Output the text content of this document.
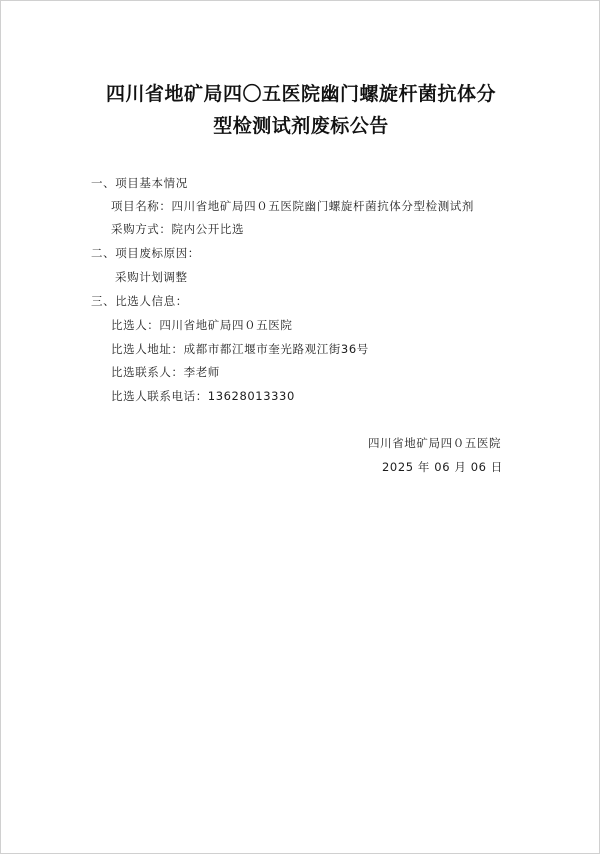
四川省地矿局四〇五医院幽门螺旋杆菌抗体分
型检测试剂废标公告
一、项目基本情况
项目名称：四川省地矿局四０五医院幽门螺旋杆菌抗体分型检测试剂
采购方式：院内公开比选
二、项目废标原因：
采购计划调整
三、比选人信息：
比选人：四川省地矿局四０五医院
比选人地址：成都市都江堰市奎光路观江街36号
比选联系人：李老师
比选人联系电话：13628013330
四川省地矿局四０五医院
2025 年 06 月 06 日
